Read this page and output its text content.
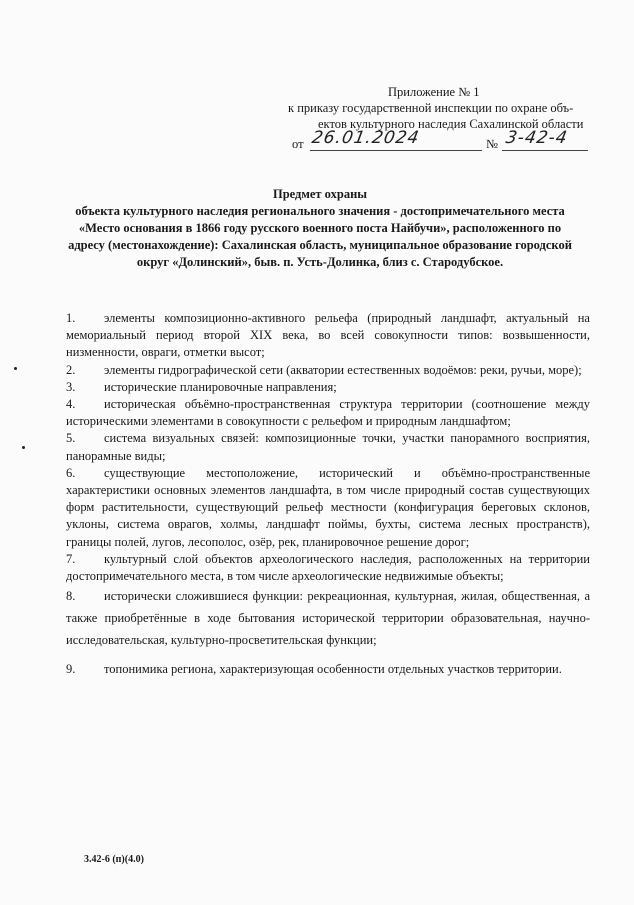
Приложение № 1
к приказу государственной инспекции по охране объ-
ектов культурного наследия Сахалинской области
от 26.01.2024	№ 3-42-4
Предмет охраны
объекта культурного наследия регионального значения - достопримечательного места
«Место основания в 1866 году русского военного поста Найбучи», расположенного по
адресу (местонахождение): Сахалинская область, муниципальное образование городской
округ «Долинский», быв. п. Усть-Долинка, близ с. Стародубское.
1. элементы композиционно-активного рельефа (природный ландшафт, актуальный на мемориальный период второй XIX века, во всей совокупности типов: возвышенности, низменности, овраги, отметки высот;
2. элементы гидрографической сети (акватории естественных водоёмов: реки, ручьи, море);
3. исторические планировочные направления;
4. историческая объёмно-пространственная структура территории (соотношение между историческими элементами в совокупности с рельефом и природным ландшафтом;
5. система визуальных связей: композиционные точки, участки панорамного восприятия, панорамные виды;
6. существующие местоположение, исторический и объёмно-пространственные характеристики основных элементов ландшафта, в том числе природный состав существующих форм растительности, существующий рельеф местности (конфигурация береговых склонов, уклоны, система оврагов, холмы, ландшафт поймы, бухты, система лесных пространств), границы полей, лугов, лесополос, озёр, рек, планировочное решение дорог;
7. культурный слой объектов археологического наследия, расположенных на территории достопримечательного места, в том числе археологические недвижимые объекты;
8. исторически сложившиеся функции: рекреационная, культурная, жилая, общественная, а также приобретённые в ходе бытования исторической территории образовательная, научно-исследовательская, культурно-просветительская функции;
9. топонимика региона, характеризующая особенности отдельных участков территории.
3.42-6 (п)(4.0)
